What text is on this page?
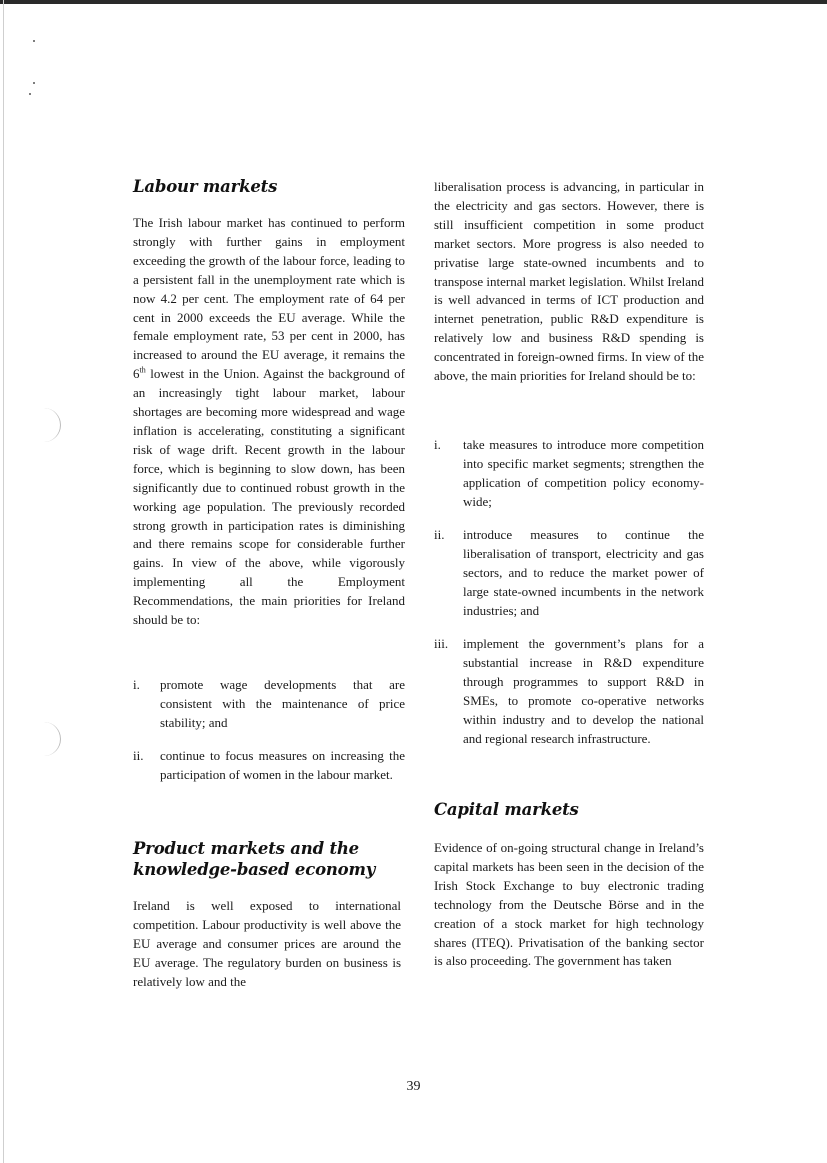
Labour markets

The Irish labour market has continued to perform strongly with further gains in employment exceeding the growth of the labour force, leading to a persistent fall in the unemployment rate which is now 4.2 per cent. The employment rate of 64 per cent in 2000 exceeds the EU average. While the female employment rate, 53 per cent in 2000, has increased to around the EU average, it remains the 6th lowest in the Union. Against the background of an increasingly tight labour market, labour shortages are becoming more widespread and wage inflation is accelerating, constituting a significant risk of wage drift. Recent growth in the labour force, which is beginning to slow down, has been significantly due to continued robust growth in the working age population. The previously recorded strong growth in participation rates is diminishing and there remains scope for considerable further gains. In view of the above, while vigorously implementing all the Employment Recommendations, the main priorities for Ireland should be to:

i. promote wage developments that are consistent with the maintenance of price stability; and

ii. continue to focus measures on increasing the participation of women in the labour market.

Product markets and the
knowledge-based economy

Ireland is well exposed to international competition. Labour productivity is well above the EU average and consumer prices are around the EU average. The regulatory burden on business is relatively low and the

liberalisation process is advancing, in particular in the electricity and gas sectors. However, there is still insufficient competition in some product market sectors. More progress is also needed to privatise large state-owned incumbents and to transpose internal market legislation. Whilst Ireland is well advanced in terms of ICT production and internet penetration, public R&D expenditure is relatively low and business R&D spending is concentrated in foreign-owned firms. In view of the above, the main priorities for Ireland should be to:

i. take measures to introduce more competition into specific market segments; strengthen the application of competition policy economy-wide;

ii. introduce measures to continue the liberalisation of transport, electricity and gas sectors, and to reduce the market power of large state-owned incumbents in the network industries; and

iii. implement the government’s plans for a substantial increase in R&D expenditure through programmes to support R&D in SMEs, to promote co-operative networks within industry and to develop the national and regional research infrastructure.

Capital markets

Evidence of on-going structural change in Ireland’s capital markets has been seen in the decision of the Irish Stock Exchange to buy electronic trading technology from the Deutsche Börse and in the creation of a stock market for high technology shares (ITEQ). Privatisation of the banking sector is also proceeding. The government has taken

39
